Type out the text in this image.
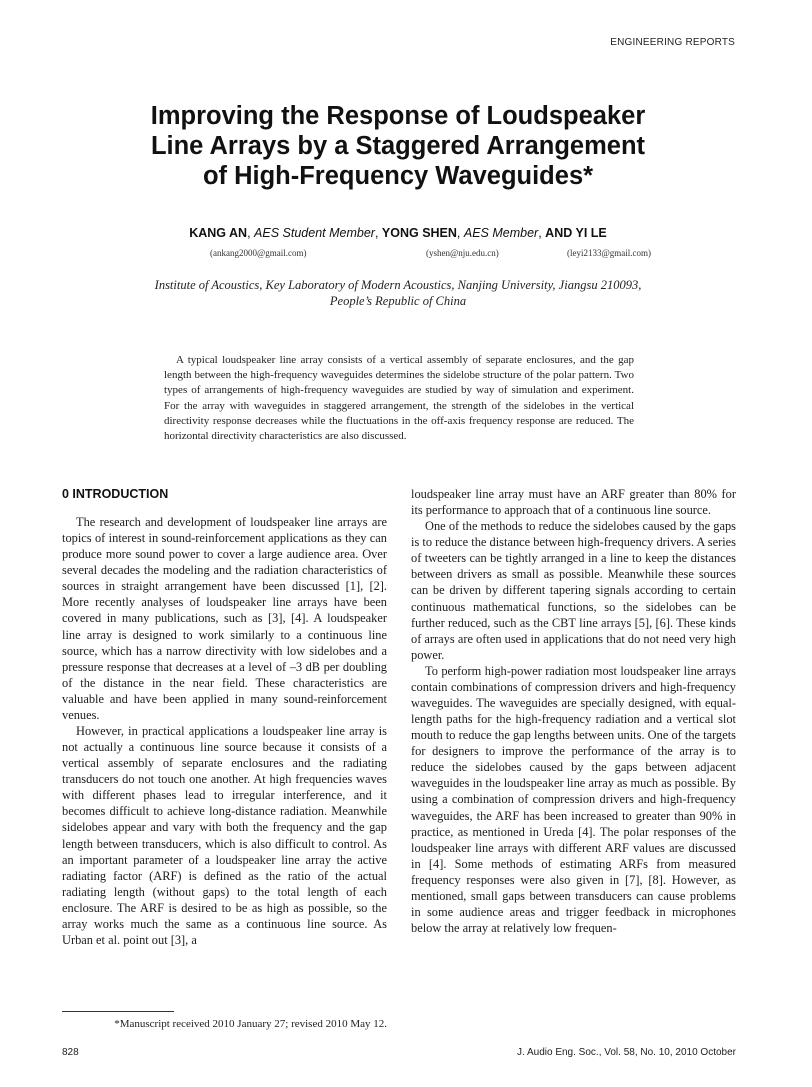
ENGINEERING REPORTS
Improving the Response of Loudspeaker
Line Arrays by a Staggered Arrangement
of High-Frequency Waveguides*
KANG AN, AES Student Member, YONG SHEN, AES Member, AND YI LE
(ankang2000@gmail.com)	(yshen@nju.edu.cn)	(leyi2133@gmail.com)
Institute of Acoustics, Key Laboratory of Modern Acoustics, Nanjing University, Jiangsu 210093,
People’s Republic of China
A typical loudspeaker line array consists of a vertical assembly of separate enclosures, and the gap length between the high-frequency waveguides determines the sidelobe structure of the polar pattern. Two types of arrangements of high-frequency waveguides are studied by way of simulation and experiment. For the array with waveguides in staggered arrangement, the strength of the sidelobes in the vertical directivity response decreases while the fluctuations in the off-axis frequency response are reduced. The horizontal directivity characteristics are also discussed.
0 INTRODUCTION

The research and development of loudspeaker line arrays are topics of interest in sound-reinforcement applications as they can produce more sound power to cover a large audience area. Over several decades the modeling and the radiation characteristics of sources in straight arrangement have been discussed [1], [2]. More recently analyses of loudspeaker line arrays have been covered in many publications, such as [3], [4]. A loudspeaker line array is designed to work similarly to a continuous line source, which has a narrow directivity with low sidelobes and a pressure response that decreases at a level of –3 dB per doubling of the distance in the near field. These characteristics are valuable and have been applied in many sound-reinforcement venues.

However, in practical applications a loudspeaker line array is not actually a continuous line source because it consists of a vertical assembly of separate enclosures and the radiating transducers do not touch one another. At high frequencies waves with different phases lead to irregular interference, and it becomes difficult to achieve long-distance radiation. Meanwhile sidelobes appear and vary with both the frequency and the gap length between transducers, which is also difficult to control. As an important parameter of a loudspeaker line array the active radiating factor (ARF) is defined as the ratio of the actual radiating length (without gaps) to the total length of each enclosure. The ARF is desired to be as high as possible, so the array works much the same as a continuous line source. As Urban et al. point out [3], a

loudspeaker line array must have an ARF greater than 80% for its performance to approach that of a continuous line source.

One of the methods to reduce the sidelobes caused by the gaps is to reduce the distance between high-frequency drivers. A series of tweeters can be tightly arranged in a line to keep the distances between drivers as small as possible. Meanwhile these sources can be driven by different tapering signals according to certain continuous mathematical functions, so the sidelobes can be further reduced, such as the CBT line arrays [5], [6]. These kinds of arrays are often used in applications that do not need very high power.

To perform high-power radiation most loudspeaker line arrays contain combinations of compression drivers and high-frequency waveguides. The waveguides are specially designed, with equal-length paths for the high-frequency radiation and a vertical slot mouth to reduce the gap lengths between units. One of the targets for designers to improve the performance of the array is to reduce the sidelobes caused by the gaps between adjacent waveguides in the loudspeaker line array as much as possible. By using a combination of compression drivers and high-frequency waveguides, the ARF has been increased to greater than 90% in practice, as mentioned in Ureda [4]. The polar responses of the loudspeaker line arrays with different ARF values are discussed in [4]. Some methods of estimating ARFs from measured frequency responses were also given in [7], [8]. However, as mentioned, small gaps between transducers can cause problems in some audience areas and trigger feedback in microphones below the array at relatively low frequen-

*Manuscript received 2010 January 27; revised 2010 May 12.
828	J. Audio Eng. Soc., Vol. 58, No. 10, 2010 October
